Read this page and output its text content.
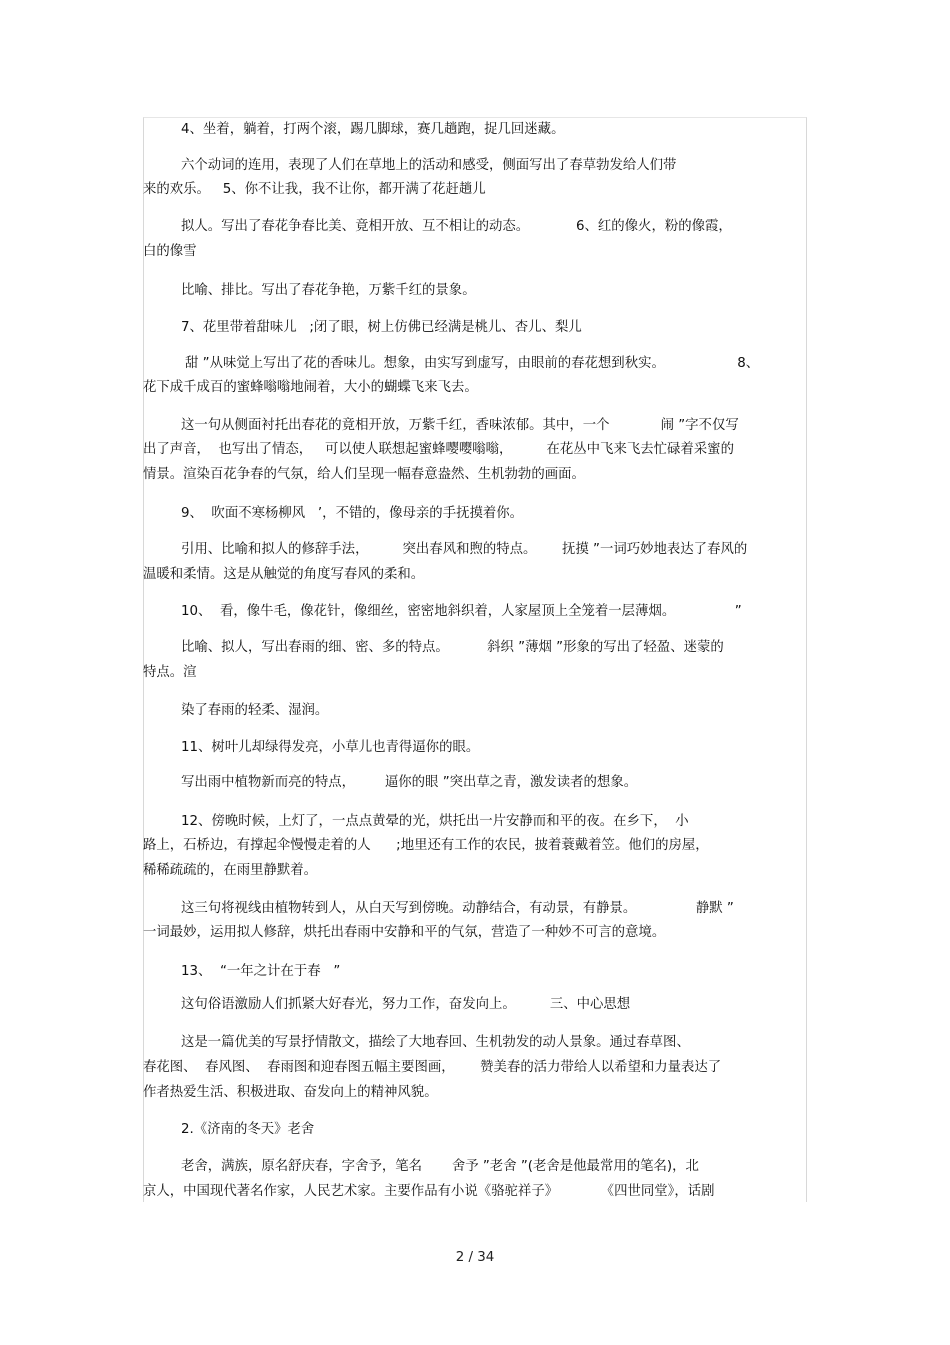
4、坐着，躺着，打两个滚，踢几脚球，赛几趟跑，捉几回迷藏。
六个动词的连用，表现了人们在草地上的活动和感受，侧面写出了春草勃发给人们带
来的欢乐。   5、你不让我，我不让你，都开满了花赶趟儿
拟人。写出了春花争春比美、竟相开放、互不相让的动态。           6、红的像火，粉的像霞，
白的像雪
比喻、排比。写出了春花争艳，万紫千红的景象。
7、花里带着甜味儿   ;闭了眼，树上仿佛已经满是桃儿、杏儿、梨儿
甜 ”从味觉上写出了花的香味儿。想象，由实写到虚写，由眼前的春花想到秋实。                 8、
花下成千成百的蜜蜂嗡嗡地闹着，大小的蝴蝶飞来飞去。
这一句从侧面衬托出春花的竟相开放，万紫千红，香味浓郁。其中，一个            闹 ”字不仅写
出了声音，  也写出了情态，   可以使人联想起蜜蜂嘤嘤嗡嗡，        在花丛中飞来飞去忙碌着采蜜的
情景。渲染百花争春的气氛，给人们呈现一幅春意盎然、生机勃勃的画面。
9、  吹面不寒杨柳风   ’，不错的，像母亲的手抚摸着你。
引用、比喻和拟人的修辞手法，        突出春风和煦的特点。      抚摸 ”一词巧妙地表达了春风的
温暖和柔情。这是从触觉的角度写春风的柔和。
10、  看，像牛毛，像花针，像细丝，密密地斜织着，人家屋顶上全笼着一层薄烟。              ”
比喻、拟人，写出春雨的细、密、多的特点。         斜织 ”薄烟 ”形象的写出了轻盈、迷蒙的
特点。渲
染了春雨的轻柔、湿润。
11、树叶儿却绿得发亮，小草儿也青得逼你的眼。
写出雨中植物新而亮的特点，       逼你的眼 ”突出草之青，激发读者的想象。
12、傍晚时候，上灯了，一点点黄晕的光，烘托出一片安静而和平的夜。在乡下，  小
路上，石桥边，有撑起伞慢慢走着的人      ;地里还有工作的农民，披着蓑戴着笠。他们的房屋，
稀稀疏疏的，在雨里静默着。
这三句将视线由植物转到人，从白天写到傍晚。动静结合，有动景，有静景。              静默 ”
一词最妙，运用拟人修辞，烘托出春雨中安静和平的气氛，营造了一种妙不可言的意境。
13、  “一年之计在于春   ”
这句俗语激励人们抓紧大好春光，努力工作，奋发向上。        三、中心思想
这是一篇优美的写景抒情散文，描绘了大地春回、生机勃发的动人景象。通过春草图、
春花图、  春风图、  春雨图和迎春图五幅主要图画，      赞美春的活力带给人以希望和力量表达了
作者热爱生活、积极进取、奋发向上的精神风貌。
2.《济南的冬天》老舍
老舍，满族，原名舒庆春，字舍予，笔名       舍予 ”老舍 ”(老舍是他最常用的笔名)，北
京人，中国现代著名作家，人民艺术家。主要作品有小说《骆驼祥子》          《四世同堂》，话剧
2 / 34
